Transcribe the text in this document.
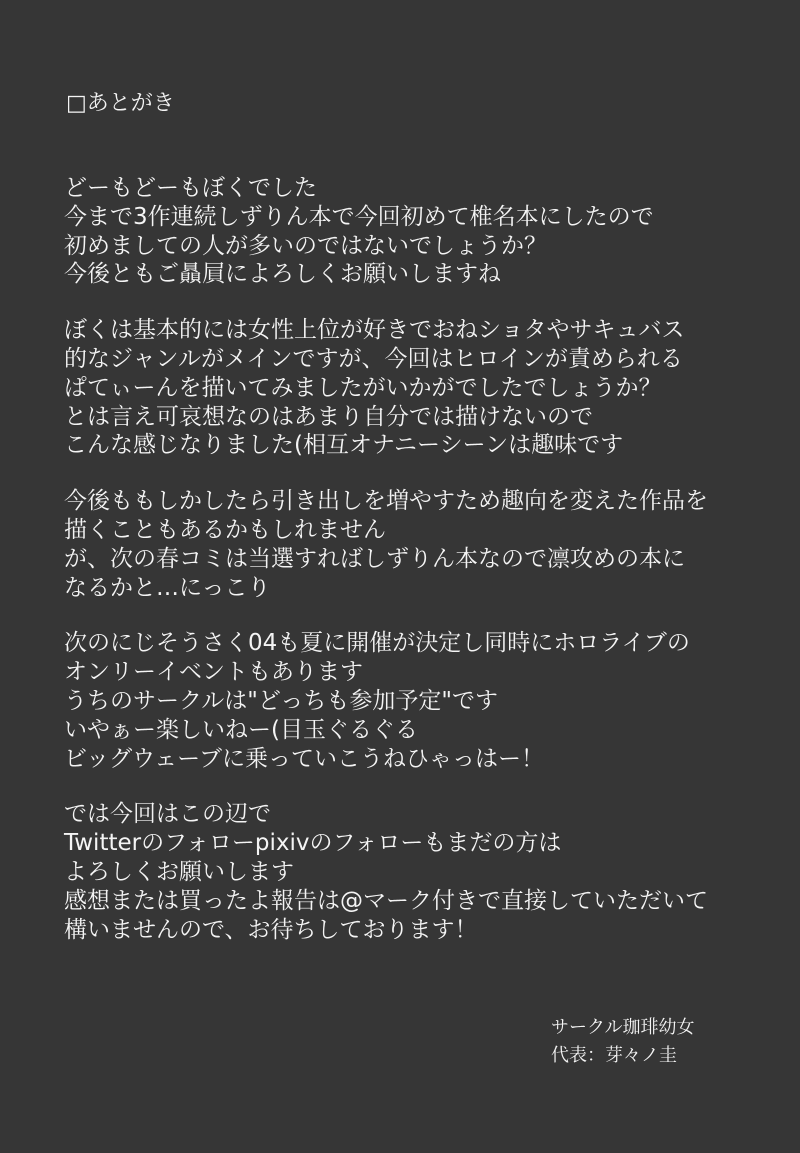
□あとがき
どーもどーもぼくでした
今まで3作連続しずりん本で今回初めて椎名本にしたので
初めましての人が多いのではないでしょうか？
今後ともご贔屓によろしくお願いしますね
ぼくは基本的には女性上位が好きでおねショタやサキュバス
的なジャンルがメインですが、今回はヒロインが責められる
ぱてぃーんを描いてみましたがいかがでしたでしょうか？
とは言え可哀想なのはあまり自分では描けないので
こんな感じなりました(相互オナニーシーンは趣味です
今後ももしかしたら引き出しを増やすため趣向を変えた作品を
描くこともあるかもしれません
が、次の春コミは当選すればしずりん本なので凛攻めの本に
なるかと…にっこり
次のにじそうさく04も夏に開催が決定し同時にホロライブの
オンリーイベントもあります
うちのサークルは"どっちも参加予定"です
いやぁー楽しいねー(目玉ぐるぐる
ビッグウェーブに乗っていこうねひゃっはー！
では今回はこの辺で
Twitterのフォローpixivのフォローもまだの方は
よろしくお願いします
感想または買ったよ報告は@マーク付きで直接していただいて
構いませんので、お待ちしております！
サークル珈琲幼女
代表：芽々ノ圭
